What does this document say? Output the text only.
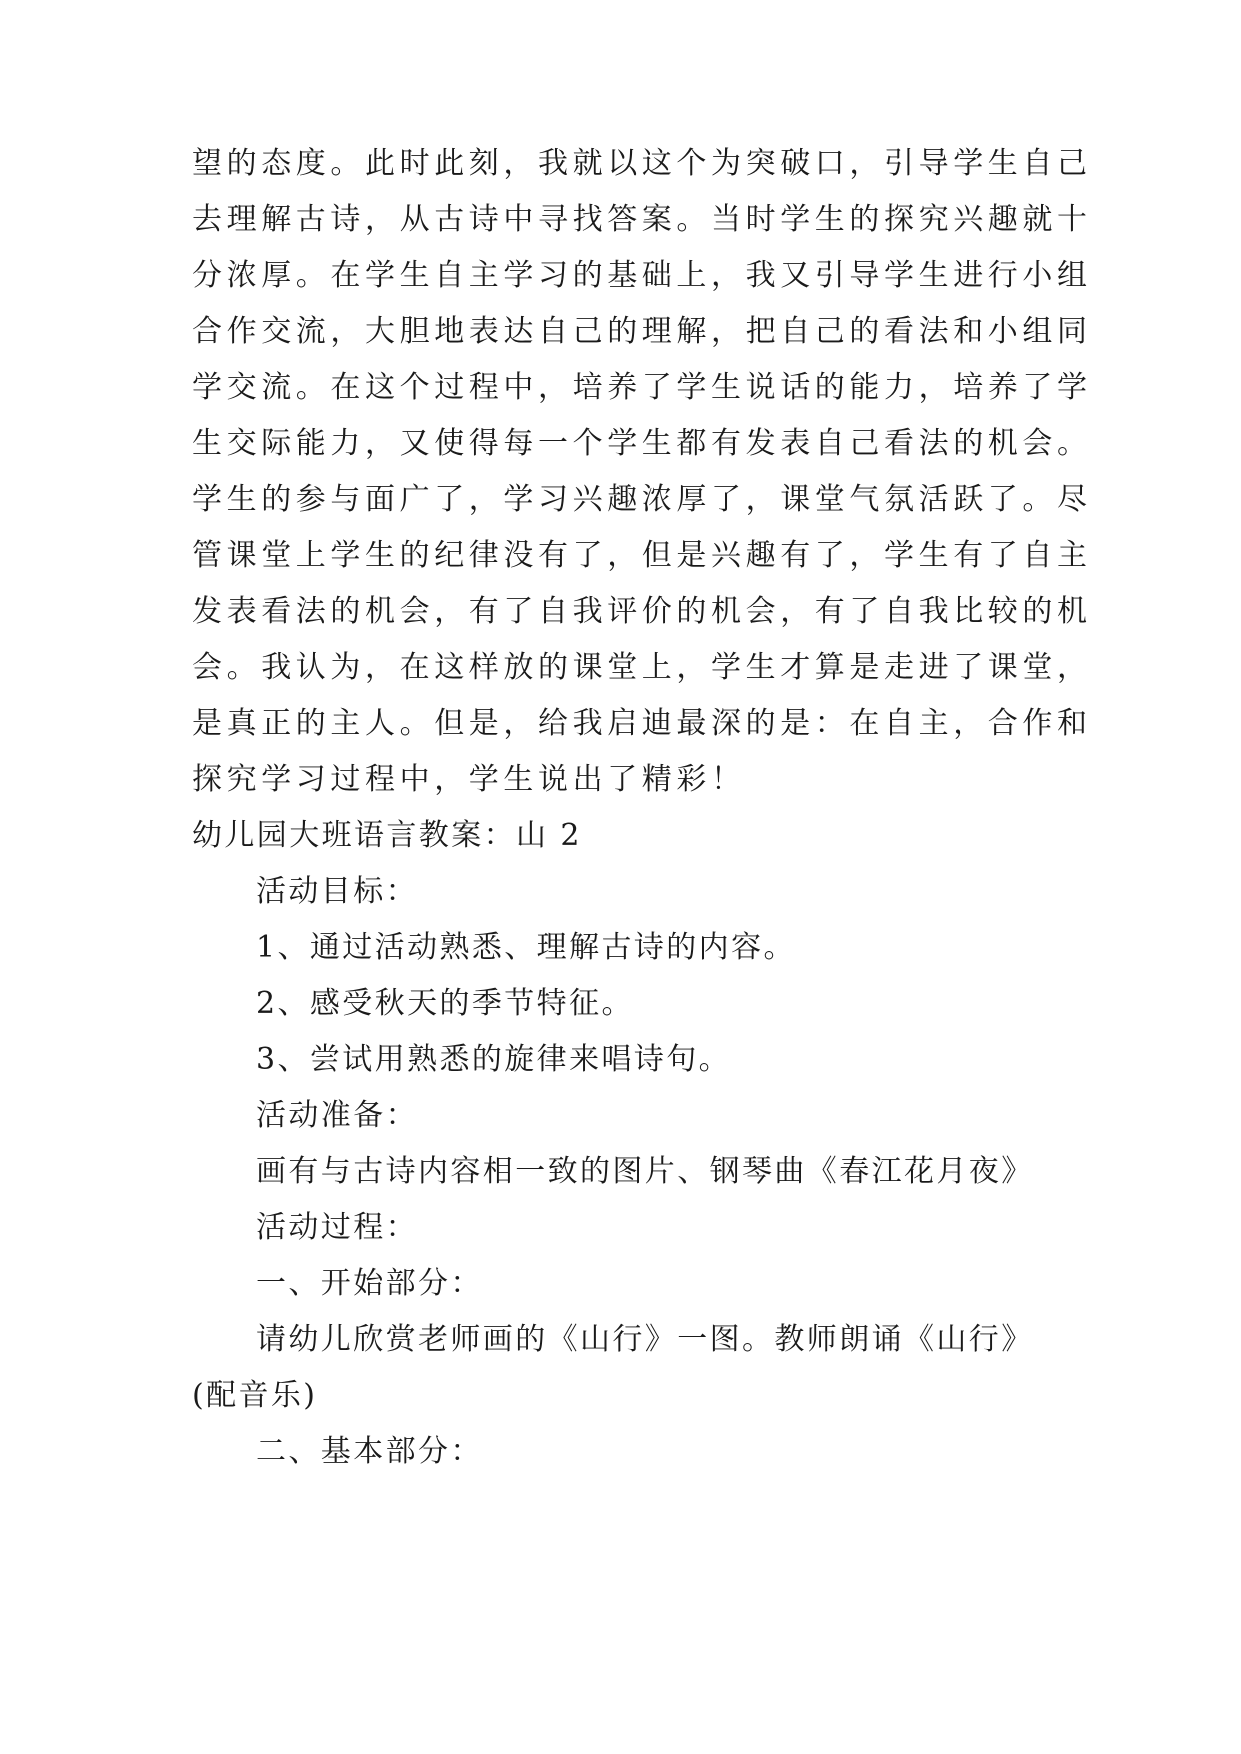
望的态度。此时此刻，我就以这个为突破口，引导学生自己
去理解古诗，从古诗中寻找答案。当时学生的探究兴趣就十
分浓厚。在学生自主学习的基础上，我又引导学生进行小组
合作交流，大胆地表达自己的理解，把自己的看法和小组同
学交流。在这个过程中，培养了学生说话的能力，培养了学
生交际能力，又使得每一个学生都有发表自己看法的机会。
学生的参与面广了，学习兴趣浓厚了，课堂气氛活跃了。尽
管课堂上学生的纪律没有了，但是兴趣有了，学生有了自主
发表看法的机会，有了自我评价的机会，有了自我比较的机
会。我认为，在这样放的课堂上，学生才算是走进了课堂，
是真正的主人。但是，给我启迪最深的是：在自主，合作和
探究学习过程中，学生说出了精彩！
幼儿园大班语言教案：山 2
活动目标：
1、通过活动熟悉、理解古诗的内容。
2、感受秋天的季节特征。
3、尝试用熟悉的旋律来唱诗句。
活动准备：
画有与古诗内容相一致的图片、钢琴曲《春江花月夜》
活动过程：
一、开始部分：
请幼儿欣赏老师画的《山行》一图。教师朗诵《山行》
(配音乐)
二、基本部分：
